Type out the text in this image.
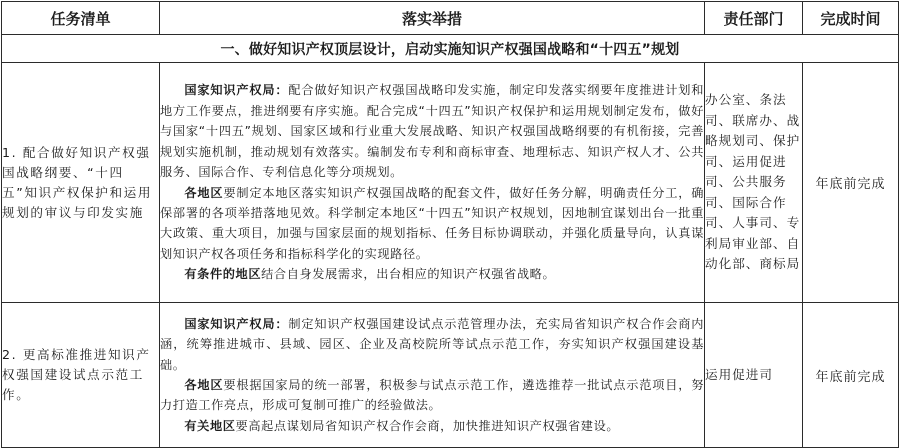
任务清单	落实举措	责任部门	完成时间
一、做好知识产权顶层设计，启动实施知识产权强国战略和“十四五”规划			
1. 配合做好知识产权强国战略纲要、“十四五”知识产权保护和运用规划的审议与印发实施	国家知识产权局：配合做好知识产权强国战略印发实施，制定印发落实纲要年度推进计划和地方工作要点，推进纲要有序实施。配合完成“十四五”知识产权保护和运用规划制定发布，做好与国家“十四五”规划、国家区域和行业重大发展战略、知识产权强国战略纲要的有机衔接，完善规划实施机制，推动规划有效落实。编制发布专利和商标审查、地理标志、知识产权人才、公共服务、国际合作、专利信息化等分项规划。

各地区要制定本地区落实知识产权强国战略的配套文件，做好任务分解，明确责任分工，确保部署的各项举措落地见效。科学制定本地区“十四五”知识产权规划，因地制宜谋划出台一批重大政策、重大项目，加强与国家层面的规划指标、任务目标协调联动，并强化质量导向，认真谋划知识产权各项任务和指标科学化的实现路径。

有条件的地区结合自身发展需求，出台相应的知识产权强省战略。	办公室、条法司、联席办、战略规划司、保护司、运用促进司、公共服务司、国际合作司、人事司、专利局审业部、自动化部、商标局	年底前完成
2. 更高标准推进知识产权强国建设试点示范工作。	国家知识产权局：制定知识产权强国建设试点示范管理办法，充实局省知识产权合作会商内涵，统筹推进城市、县域、园区、企业及高校院所等试点示范工作，夯实知识产权强国建设基础。

各地区要根据国家局的统一部署，积极参与试点示范工作，遴选推荐一批试点示范项目，努力打造工作亮点，形成可复制可推广的经验做法。

有关地区要高起点谋划局省知识产权合作会商，加快推进知识产权强省建设。	运用促进司	年底前完成
